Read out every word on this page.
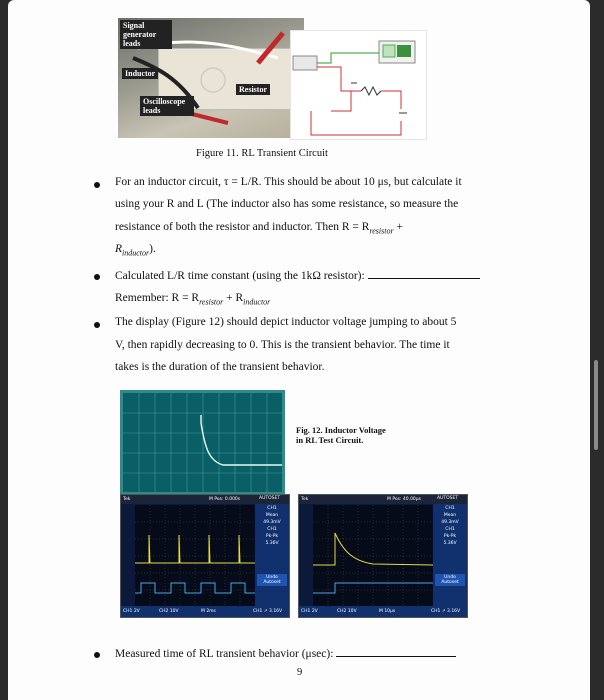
Signal generator leads
Inductor
Resistor
Oscilloscope leads
Figure 11. RL Transient Circuit
For an inductor circuit, τ = L/R. This should be about 10 μs, but calculate it
using your R and L (The inductor also has some resistance, so measure the
resistance of both the resistor and inductor. Then $R = R_{resistor}$ +
$R_{inductor}$).
Calculated L/R time constant (using the 1kΩ resistor):
Remember: $R = R_{resistor} + R_{inductor}$
The display (Figure 12) should depict inductor voltage jumping to about 5
V, then rapidly decreasing to 0. This is the transient behavior. The time it
takes is the duration of the transient behavior.
Fig. 12. Inductor Voltage
in RL Test Circuit.
Tek	M Pos: 0.000s	AUTOSET
CH1
Mean
49.3mV
CH1
Pk-Pk
5.36V
Undo
Autoset
CH1 2V	CH2 10V	M 2ms	CH1 ↗ 3.16V
Tek	M Pos: 40.00μs	AUTOSET
CH1
Mean
49.3mV
CH1
Pk-Pk
5.36V
Undo
Autoset
CH1 2V	CH2 10V	M 10μs	CH1 ↗ 3.16V
Measured time of RL transient behavior (μsec):
9
